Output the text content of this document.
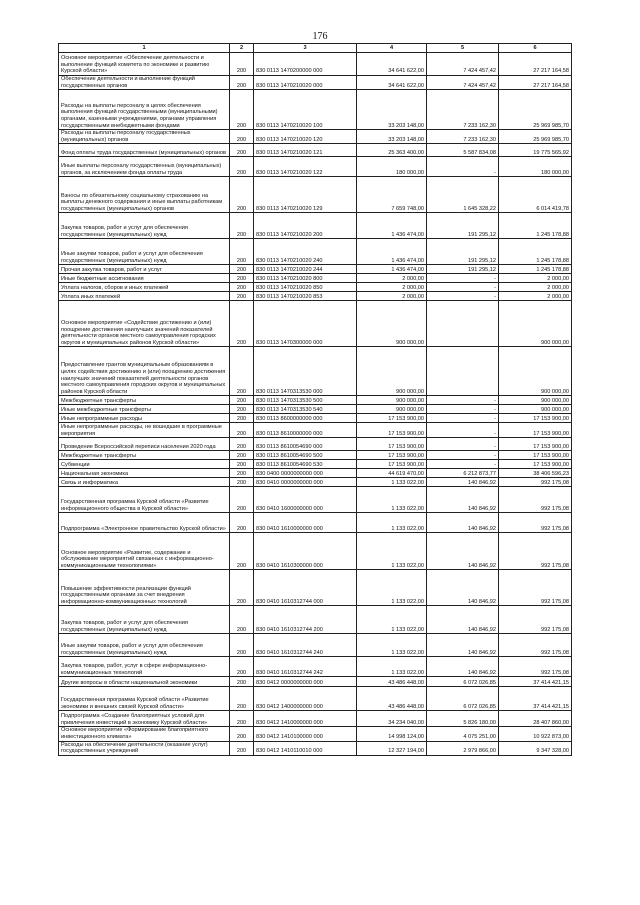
176
1	2	3	4	5	6
Основное мероприятие «Обеспечение деятельности и выполнение функций комитета по экономике и развитию Курской области»	200	830 0113 1470200000 000	34 641 622,00	7 424 457,42	27 217 164,58
Обеспечение деятельности и выполнение функций государственных органов	200	830 0113 1470210020 000	34 641 622,00	7 424 457,42	27 217 164,58
Расходы на выплаты персоналу в целях обеспечения выполнения функций государственными (муниципальными) органами, казенными учреждениями, органами управления государственными внебюджетными фондами	200	830 0113 1470210020 100	33 203 148,00	7 233 162,30	25 969 985,70
Расходы на выплаты персоналу государственных (муниципальных) органов	200	830 0113 1470210020 120	33 203 148,00	7 233 162,30	25 969 985,70
Фонд оплаты труда государственных (муниципальных) органов	200	830 0113 1470210020 121	25 363 400,00	5 587 834,08	19 775 565,92
Иные выплаты персоналу государственных (муниципальных) органов, за исключением фонда оплаты труда	200	830 0113 1470210020 122	180 000,00	-	180 000,00
Взносы по обязательному социальному страхованию на выплаты денежного содержания и иные выплаты работникам государственных (муниципальных) органов	200	830 0113 1470210020 129	7 659 748,00	1 645 328,22	6 014 419,78
Закупка товаров, работ и услуг для обеспечения государственных (муниципальных) нужд	200	830 0113 1470210020 200	1 436 474,00	191 295,12	1 245 178,88
Иные закупки товаров, работ и услуг для обеспечения государственных (муниципальных) нужд	200	830 0113 1470210020 240	1 436 474,00	191 295,12	1 245 178,88
Прочая закупка товаров, работ и услуг	200	830 0113 1470210020 244	1 436 474,00	191 295,12	1 245 178,88
Иные бюджетные ассигнования	200	830 0113 1470210020 800	2 000,00	-	2 000,00
Уплата налогов, сборов и иных платежей	200	830 0113 1470210020 850	2 000,00	-	2 000,00
Уплата иных платежей	200	830 0113 1470210020 853	2 000,00	-	2 000,00
Основное мероприятие «Содействие достижению и (или) поощрение достижения наилучших значений показателей деятельности органов местного самоуправления городских округов и муниципальных районов Курской области»	200	830 0113 1470300000 000	900 000,00		900 000,00
Предоставление грантов муниципальным образованиям в целях содействия достижению и (или) поощрению достижения наилучших значений показателей деятельности органов местного самоуправления городских округов и муниципальных районов Курской области	200	830 0113 1470313530 000	900 000,00		900 000,00
Межбюджетные трансферты	200	830 0113 1470313530 500	900 000,00	-	900 000,00
Иные межбюджетные трансферты	200	830 0113 1470313530 540	900 000,00	-	900 000,00
Иные непрограммные расходы	200	830 0113 8600000000 000	17 153 900,00	-	17 153 900,00
Иные непрограммные расходы, не вошедшие в программные мероприятия	200	830 0113 8610000000 000	17 153 900,00	-	17 153 900,00
Проведение Всероссийской переписи населения 2020 года	200	830 0113 8610054690 000	17 153 900,00	-	17 153 900,00
Межбюджетные трансферты	200	830 0113 8610054690 500	17 153 900,00	-	17 153 900,00
Субвенции	200	830 0113 8610054690 530	17 153 900,00	-	17 153 900,00
Национальная экономика	200	830 0400 0000000000 000	44 619 470,00	6 212 873,77	38 406 596,23
Связь и информатика	200	830 0410 0000000000 000	1 133 022,00	140 846,92	992 175,08
Государственная программа Курской области «Развитие информационного общества в Курской области»	200	830 0410 1600000000 000	1 133 022,00	140 846,92	992 175,08
Подпрограмма «Электронное правительство Курской области»	200	830 0410 1610000000 000	1 133 022,00	140 846,92	992 175,08
Основное мероприятие «Развитие, содержание и обслуживание мероприятий связанных с информационно-коммуникационными технологиями»	200	830 0410 1610300000 000	1 133 022,00	140 846,92	992 175,08
Повышение эффективности реализации функций государственными органами за счет внедрения информационно-коммуникационных технологий	200	830 0410 1610312744 000	1 133 022,00	140 846,92	992 175,08
Закупка товаров, работ и услуг для обеспечения государственных (муниципальных) нужд	200	830 0410 1610312744 200	1 133 022,00	140 846,92	992 175,08
Иные закупки товаров, работ и услуг для обеспечения государственных (муниципальных) нужд	200	830 0410 1610312744 240	1 133 022,00	140 846,92	992 175,08
Закупка товаров, работ, услуг в сфере информационно-коммуникационных технологий	200	830 0410 1610312744 242	1 133 022,00	140 846,92	992 175,08
Другие вопросы в области национальной экономики	200	830 0412 0000000000 000	43 486 448,00	6 072 026,85	37 414 421,15
Государственная программа Курской области «Развитие экономики и внешних связей Курской области»	200	830 0412 1400000000 000	43 486 448,00	6 072 026,85	37 414 421,15
Подпрограмма «Создание благоприятных условий для привлечения инвестиций в экономику Курской области»	200	830 0412 1410000000 000	34 234 040,00	5 826 180,00	28 407 860,00
Основное мероприятие «Формирование благоприятного инвестиционного климата»	200	830 0412 1410100000 000	14 998 124,00	4 075 251,00	10 922 873,00
Расходы на обеспечение деятельности (оказание услуг) государственных учреждений	200	830 0412 1410110010 000	12 327 194,00	2 979 866,00	9 347 328,00
